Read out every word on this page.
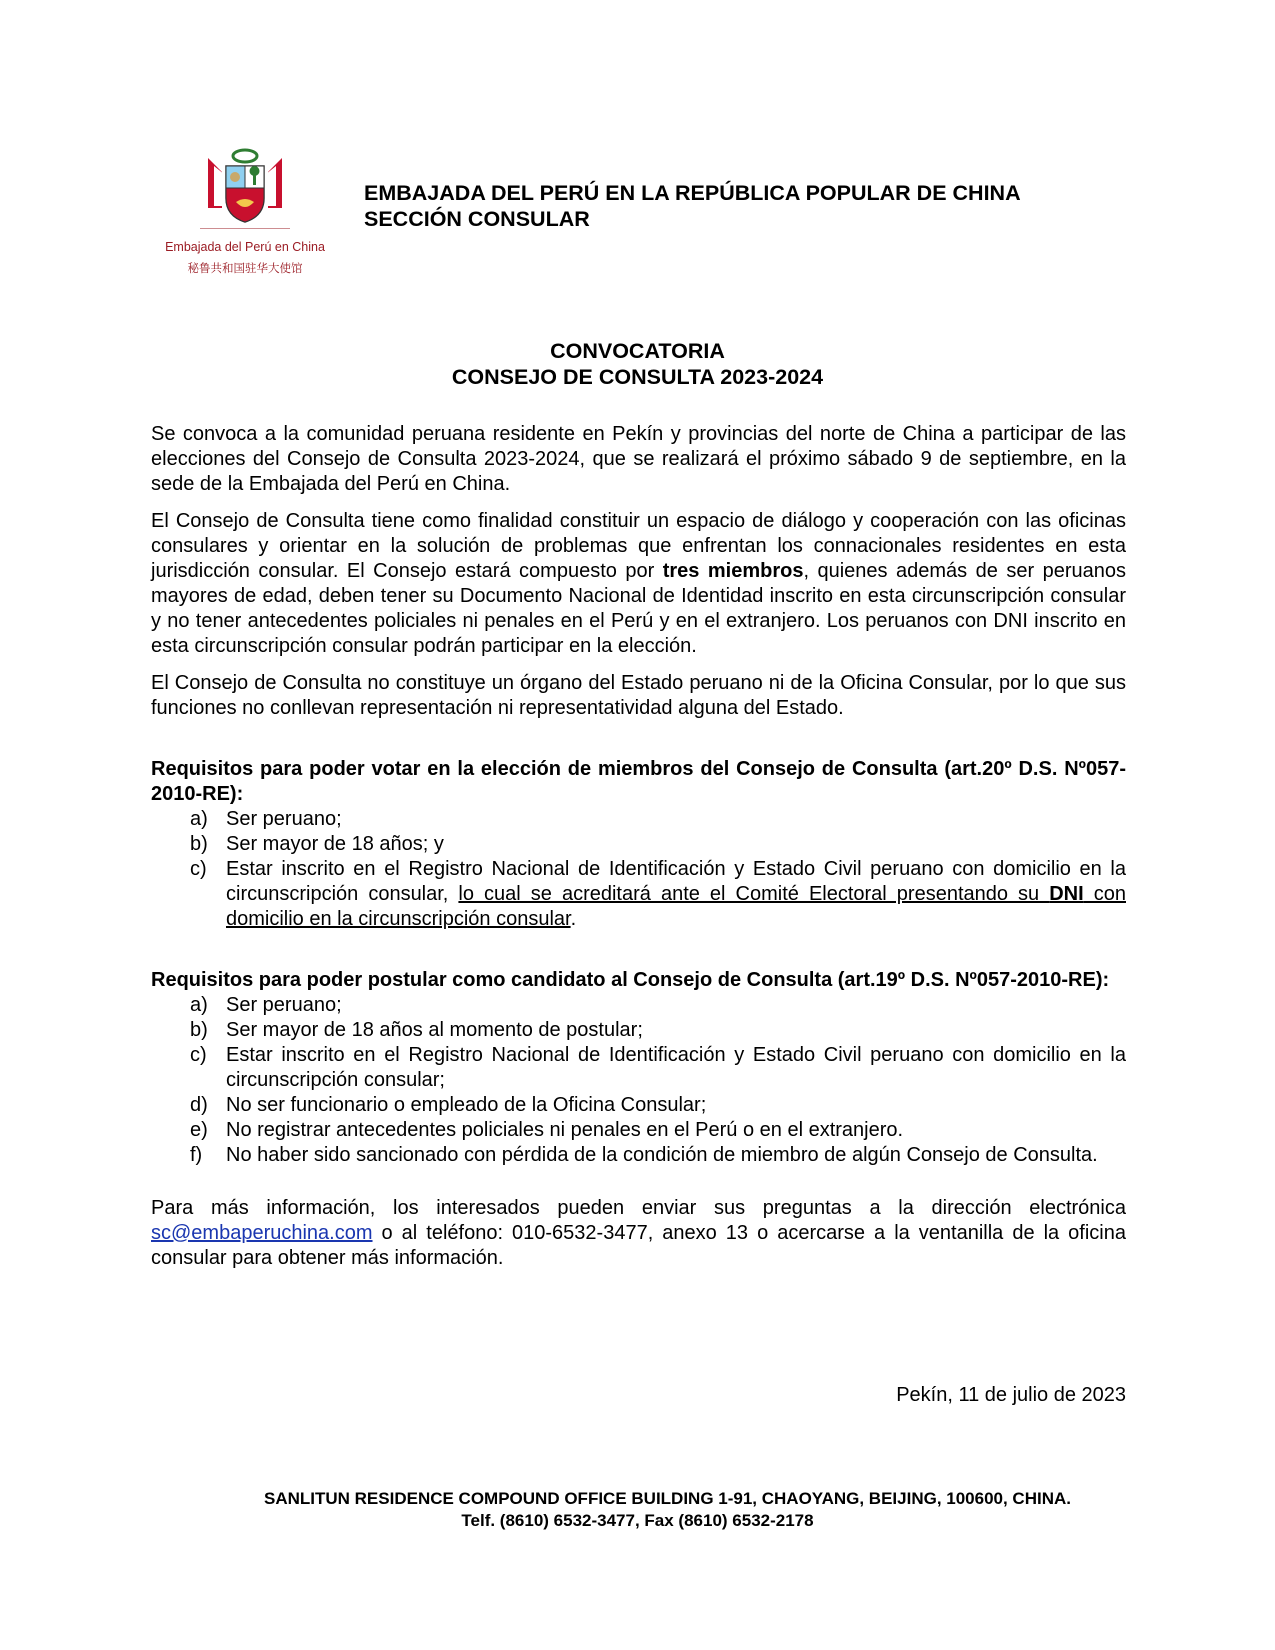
Embajada del Perú en China
秘鲁共和国驻华大使馆
EMBAJADA DEL PERÚ EN LA REPÚBLICA POPULAR DE CHINA
SECCIÓN CONSULAR
CONVOCATORIA
CONSEJO DE CONSULTA 2023-2024

Se convoca a la comunidad peruana residente en Pekín y provincias del norte de China a participar de las elecciones del Consejo de Consulta 2023-2024, que se realizará el próximo sábado 9 de septiembre, en la sede de la Embajada del Perú en China.

El Consejo de Consulta tiene como finalidad constituir un espacio de diálogo y cooperación con las oficinas consulares y orientar en la solución de problemas que enfrentan los connacionales residentes en esta jurisdicción consular. El Consejo estará compuesto por tres miembros, quienes además de ser peruanos mayores de edad, deben tener su Documento Nacional de Identidad inscrito en esta circunscripción consular y no tener antecedentes policiales ni penales en el Perú y en el extranjero. Los peruanos con DNI inscrito en esta circunscripción consular podrán participar en la elección.

El Consejo de Consulta no constituye un órgano del Estado peruano ni de la Oficina Consular, por lo que sus funciones no conllevan representación ni representatividad alguna del Estado.

Requisitos para poder votar en la elección de miembros del Consejo de Consulta (art.20º D.S. Nº057-2010-RE):

a) Ser peruano;
b) Ser mayor de 18 años; y
c) Estar inscrito en el Registro Nacional de Identificación y Estado Civil peruano con domicilio en la circunscripción consular, lo cual se acreditará ante el Comité Electoral presentando su DNI con domicilio en la circunscripción consular.

Requisitos para poder postular como candidato al Consejo de Consulta (art.19º D.S. Nº057-2010-RE):

a) Ser peruano;
b) Ser mayor de 18 años al momento de postular;
c) Estar inscrito en el Registro Nacional de Identificación y Estado Civil peruano con domicilio en la circunscripción consular;
d) No ser funcionario o empleado de la Oficina Consular;
e) No registrar antecedentes policiales ni penales en el Perú o en el extranjero.
f) No haber sido sancionado con pérdida de la condición de miembro de algún Consejo de Consulta.

Para más información, los interesados pueden enviar sus preguntas a la dirección electrónica sc@embaperuchina.com o al teléfono: 010-6532-3477, anexo 13 o acercarse a la ventanilla de la oficina consular para obtener más información.

Pekín, 11 de julio de 2023
SANLITUN RESIDENCE COMPOUND OFFICE BUILDING 1-91, CHAOYANG, BEIJING, 100600, CHINA.
Telf. (8610) 6532-3477, Fax (8610) 6532-2178
